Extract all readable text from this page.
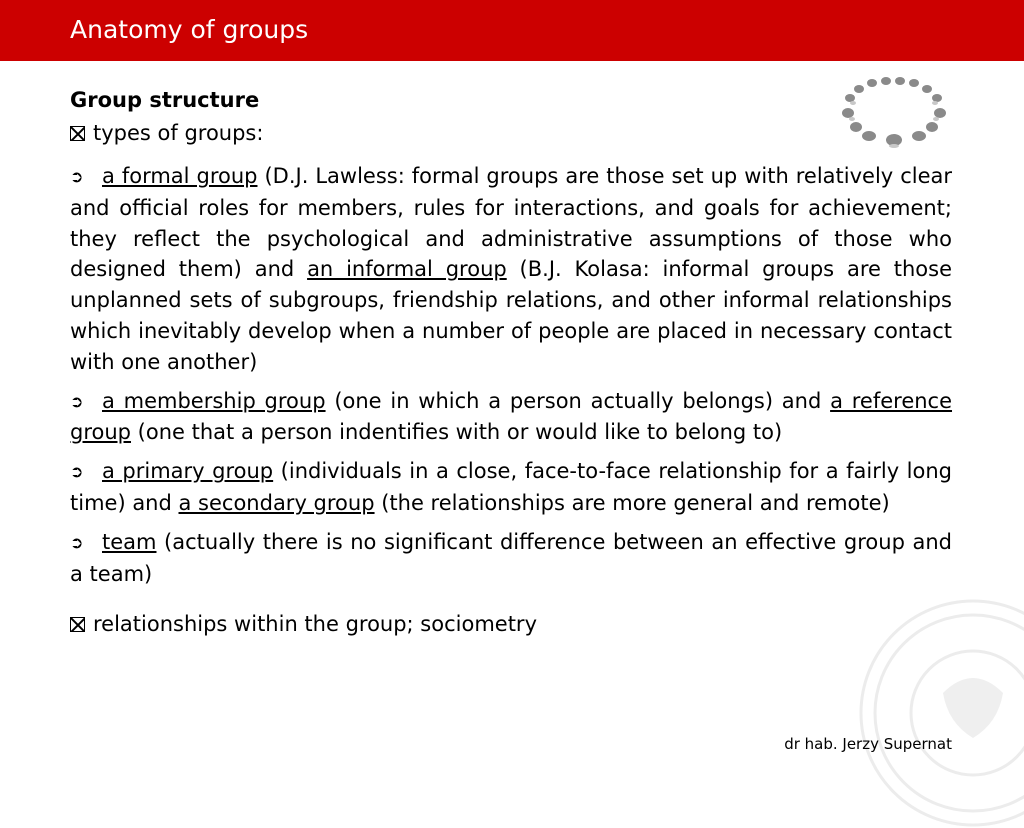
Anatomy of groups
Group structure
types of groups:
➲ a formal group (D.J. Lawless: formal groups are those set up with relatively clear and official roles for members, rules for interactions, and goals for achievement; they reflect the psychological and administrative assumptions of those who designed them) and an informal group (B.J. Kolasa: informal groups are those unplanned sets of subgroups, friendship relations, and other informal relationships which inevitably develop when a number of people are placed in necessary contact with one another)
➲ a membership group (one in which a person actually belongs) and a reference group (one that a person indentifies with or would like to belong to)
➲ a primary group (individuals in a close, face-to-face relationship for a fairly long time) and a secondary group (the relationships are more general and remote)
➲ team (actually there is no significant difference between an effective group and a team)
relationships within the group; sociometry
dr hab. Jerzy Supernat
